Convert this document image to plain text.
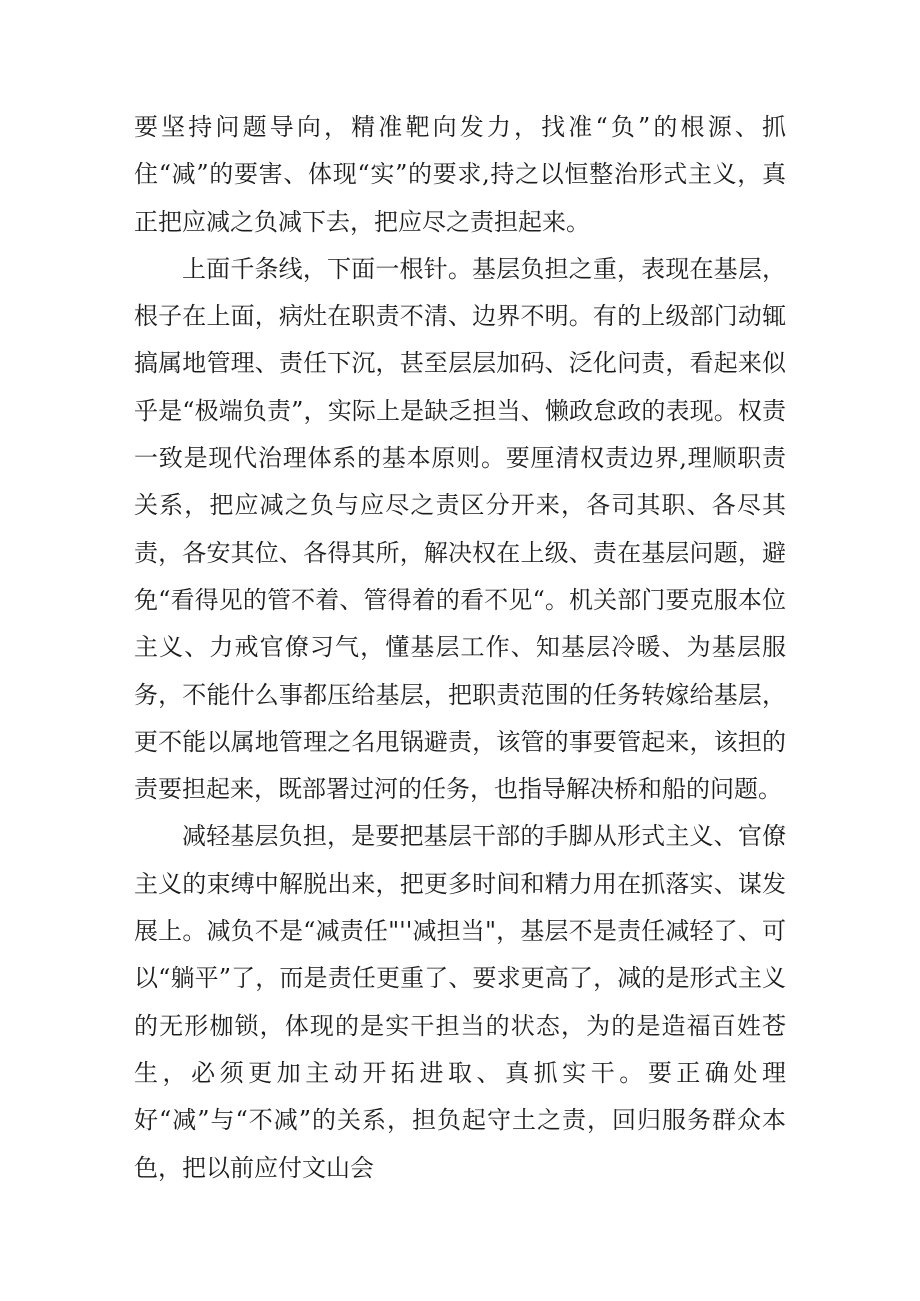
要坚持问题导向，精准靶向发力，找准“负”的根源、抓住“减”的要害、体现“实”的要求,持之以恒整治形式主义，真正把应减之负减下去，把应尽之责担起来。

上面千条线，下面一根针。基层负担之重，表现在基层，根子在上面，病灶在职责不清、边界不明。有的上级部门动辄搞属地管理、责任下沉，甚至层层加码、泛化问责，看起来似乎是“极端负责”，实际上是缺乏担当、懒政怠政的表现。权责一致是现代治理体系的基本原则。要厘清权责边界,理顺职责关系，把应减之负与应尽之责区分开来，各司其职、各尽其责，各安其位、各得其所，解决权在上级、责在基层问题，避免“看得见的管不着、管得着的看不见“。机关部门要克服本位主义、力戒官僚习气，懂基层工作、知基层冷暖、为基层服务，不能什么事都压给基层，把职责范围的任务转嫁给基层，更不能以属地管理之名甩锅避责，该管的事要管起来，该担的责要担起来，既部署过河的任务，也指导解决桥和船的问题。

减轻基层负担，是要把基层干部的手脚从形式主义、官僚主义的束缚中解脱出来，把更多时间和精力用在抓落实、谋发展上。减负不是“减责任"''减担当"，基层不是责任减轻了、可以“躺平”了，而是责任更重了、要求更高了，减的是形式主义的无形枷锁，体现的是实干担当的状态，为的是造福百姓苍生，必须更加主动开拓进取、真抓实干。要正确处理好“减”与“不减”的关系，担负起守土之责，回归服务群众本色，把以前应付文山会
